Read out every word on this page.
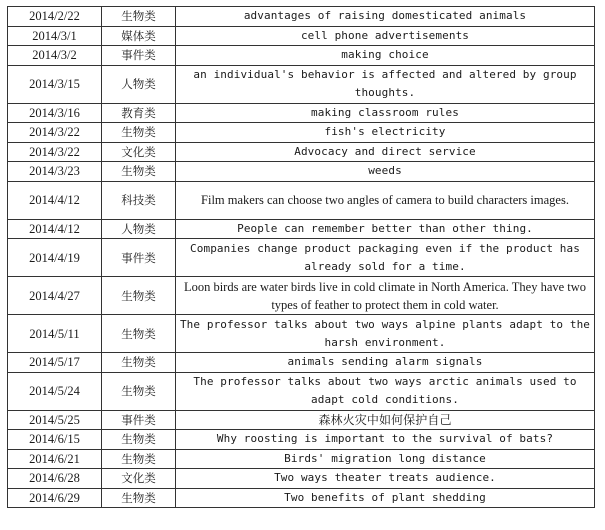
2014/2/22	生物类	advantages of raising domesticated animals
2014/3/1	媒体类	cell phone advertisements
2014/3/2	事件类	making choice
2014/3/15	人物类	an individual's behavior is affected and altered by group thoughts.
2014/3/16	教育类	making classroom rules
2014/3/22	生物类	fish's electricity
2014/3/22	文化类	Advocacy and direct service
2014/3/23	生物类	weeds
2014/4/12	科技类	Film makers can choose two angles of camera to build characters images.
2014/4/12	人物类	People can remember better than other thing.
2014/4/19	事件类	Companies change product packaging even if the product has already sold for a time.
2014/4/27	生物类	Loon birds are water birds live in cold climate in North America. They have two types of feather to protect them in cold water.
2014/5/11	生物类	The professor talks about two ways alpine plants adapt to the harsh environment.
2014/5/17	生物类	animals sending alarm signals
2014/5/24	生物类	The professor talks about two ways arctic animals used to adapt cold conditions.
2014/5/25	事件类	森林火灾中如何保护自己
2014/6/15	生物类	Why roosting is important to the survival of bats?
2014/6/21	生物类	Birds' migration long distance
2014/6/28	文化类	Two ways theater treats audience.
2014/6/29	生物类	Two benefits of plant shedding
